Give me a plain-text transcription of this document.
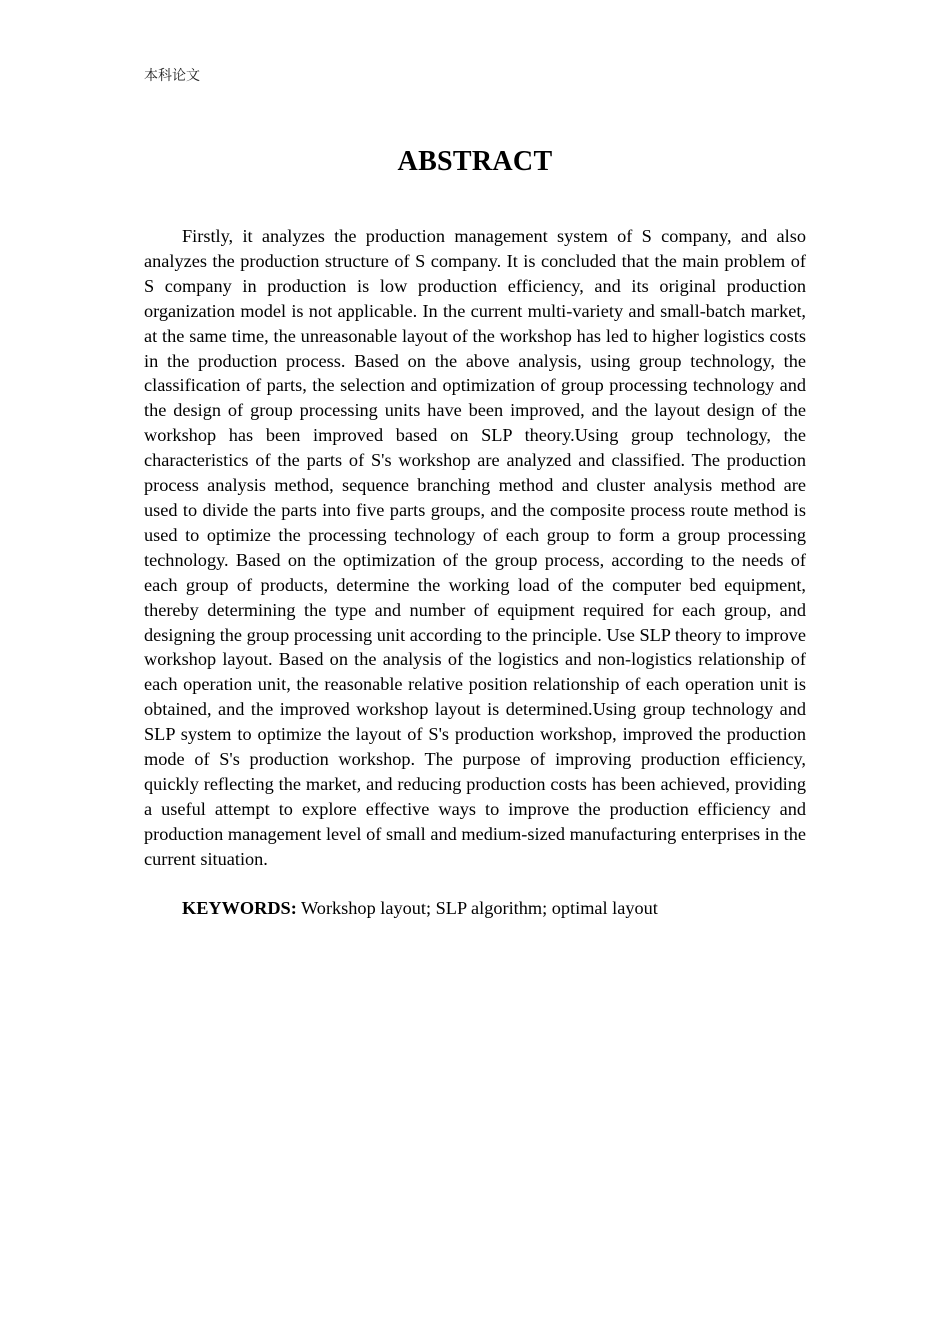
本科论文
ABSTRACT

Firstly, it analyzes the production management system of S company, and also analyzes the production structure of S company. It is concluded that the main problem of S company in production is low production efficiency, and its original production organization model is not applicable. In the current multi-variety and small-batch market, at the same time, the unreasonable layout of the workshop has led to higher logistics costs in the production process. Based on the above analysis, using group technology, the classification of parts, the selection and optimization of group processing technology and the design of group processing units have been improved, and the layout design of the workshop has been improved based on SLP theory.Using group technology, the characteristics of the parts of S's workshop are analyzed and classified. The production process analysis method, sequence branching method and cluster analysis method are used to divide the parts into five parts groups, and the composite process route method is used to optimize the processing technology of each group to form a group processing technology. Based on the optimization of the group process, according to the needs of each group of products, determine the working load of the computer bed equipment, thereby determining the type and number of equipment required for each group, and designing the group processing unit according to the principle. Use SLP theory to improve workshop layout. Based on the analysis of the logistics and non-logistics relationship of each operation unit, the reasonable relative position relationship of each operation unit is obtained, and the improved workshop layout is determined.Using group technology and SLP system to optimize the layout of S's production workshop, improved the production mode of S's production workshop. The purpose of improving production efficiency, quickly reflecting the market, and reducing production costs has been achieved, providing a useful attempt to explore effective ways to improve the production efficiency and production management level of small and medium-sized manufacturing enterprises in the current situation.

KEYWORDS: Workshop layout; SLP algorithm; optimal layout
